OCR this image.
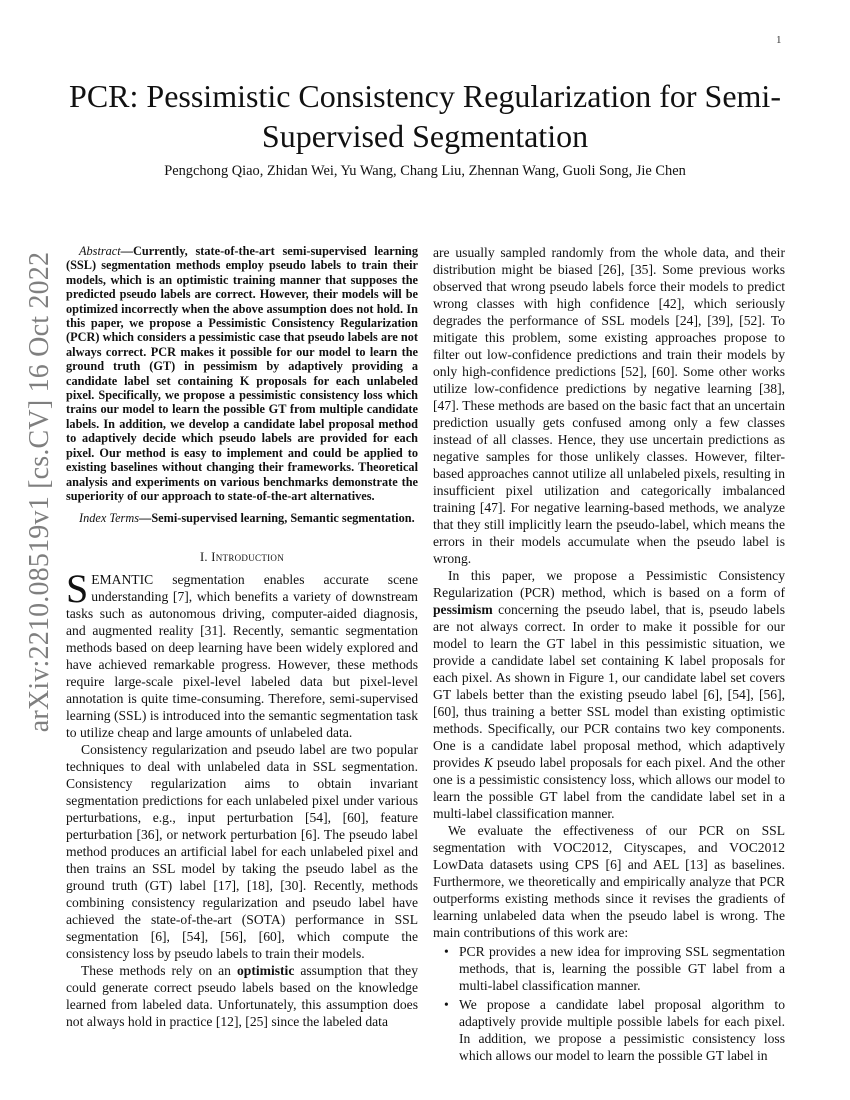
1
arXiv:2210.08519v1 [cs.CV] 16 Oct 2022
PCR: Pessimistic Consistency Regularization for Semi-Supervised Segmentation

Pengchong Qiao, Zhidan Wei, Yu Wang, Chang Liu, Zhennan Wang, Guoli Song, Jie Chen

Abstract—Currently, state-of-the-art semi-supervised learning (SSL) segmentation methods employ pseudo labels to train their models, which is an optimistic training manner that supposes the predicted pseudo labels are correct. However, their models will be optimized incorrectly when the above assumption does not hold. In this paper, we propose a Pessimistic Consistency Regularization (PCR) which considers a pessimistic case that pseudo labels are not always correct. PCR makes it possible for our model to learn the ground truth (GT) in pessimism by adaptively providing a candidate label set containing K proposals for each unlabeled pixel. Specifically, we propose a pessimistic consistency loss which trains our model to learn the possible GT from multiple candidate labels. In addition, we develop a candidate label proposal method to adaptively decide which pseudo labels are provided for each pixel. Our method is easy to implement and could be applied to existing baselines without changing their frameworks. Theoretical analysis and experiments on various benchmarks demonstrate the superiority of our approach to state-of-the-art alternatives.

Index Terms—Semi-supervised learning, Semantic segmentation.

I. Introduction

SEMANTIC segmentation enables accurate scene understanding [7], which benefits a variety of downstream tasks such as autonomous driving, computer-aided diagnosis, and augmented reality [31]. Recently, semantic segmentation methods based on deep learning have been widely explored and have achieved remarkable progress. However, these methods require large-scale pixel-level labeled data but pixel-level annotation is quite time-consuming. Therefore, semi-supervised learning (SSL) is introduced into the semantic segmentation task to utilize cheap and large amounts of unlabeled data.

Consistency regularization and pseudo label are two popular techniques to deal with unlabeled data in SSL segmentation. Consistency regularization aims to obtain invariant segmentation predictions for each unlabeled pixel under various perturbations, e.g., input perturbation [54], [60], feature perturbation [36], or network perturbation [6]. The pseudo label method produces an artificial label for each unlabeled pixel and then trains an SSL model by taking the pseudo label as the ground truth (GT) label [17], [18], [30]. Recently, methods combining consistency regularization and pseudo label have achieved the state-of-the-art (SOTA) performance in SSL segmentation [6], [54], [56], [60], which compute the consistency loss by pseudo labels to train their models.

These methods rely on an optimistic assumption that they could generate correct pseudo labels based on the knowledge learned from labeled data. Unfortunately, this assumption does not always hold in practice [12], [25] since the labeled data

are usually sampled randomly from the whole data, and their distribution might be biased [26], [35]. Some previous works observed that wrong pseudo labels force their models to predict wrong classes with high confidence [42], which seriously degrades the performance of SSL models [24], [39], [52]. To mitigate this problem, some existing approaches propose to filter out low-confidence predictions and train their models by only high-confidence predictions [52], [60]. Some other works utilize low-confidence predictions by negative learning [38], [47]. These methods are based on the basic fact that an uncertain prediction usually gets confused among only a few classes instead of all classes. Hence, they use uncertain predictions as negative samples for those unlikely classes. However, filter-based approaches cannot utilize all unlabeled pixels, resulting in insufficient pixel utilization and categorically imbalanced training [47]. For negative learning-based methods, we analyze that they still implicitly learn the pseudo-label, which means the errors in their models accumulate when the pseudo label is wrong.

In this paper, we propose a Pessimistic Consistency Regularization (PCR) method, which is based on a form of pessimism concerning the pseudo label, that is, pseudo labels are not always correct. In order to make it possible for our model to learn the GT label in this pessimistic situation, we provide a candidate label set containing K label proposals for each pixel. As shown in Figure 1, our candidate label set covers GT labels better than the existing pseudo label [6], [54], [56], [60], thus training a better SSL model than existing optimistic methods. Specifically, our PCR contains two key components. One is a candidate label proposal method, which adaptively provides K pseudo label proposals for each pixel. And the other one is a pessimistic consistency loss, which allows our model to learn the possible GT label from the candidate label set in a multi-label classification manner.

We evaluate the effectiveness of our PCR on SSL segmentation with VOC2012, Cityscapes, and VOC2012 LowData datasets using CPS [6] and AEL [13] as baselines. Furthermore, we theoretically and empirically analyze that PCR outperforms existing methods since it revises the gradients of learning unlabeled data when the pseudo label is wrong. The main contributions of this work are:

• PCR provides a new idea for improving SSL segmentation methods, that is, learning the possible GT label from a multi-label classification manner.
• We propose a candidate label proposal algorithm to adaptively provide multiple possible labels for each pixel. In addition, we propose a pessimistic consistency loss which allows our model to learn the possible GT label in
